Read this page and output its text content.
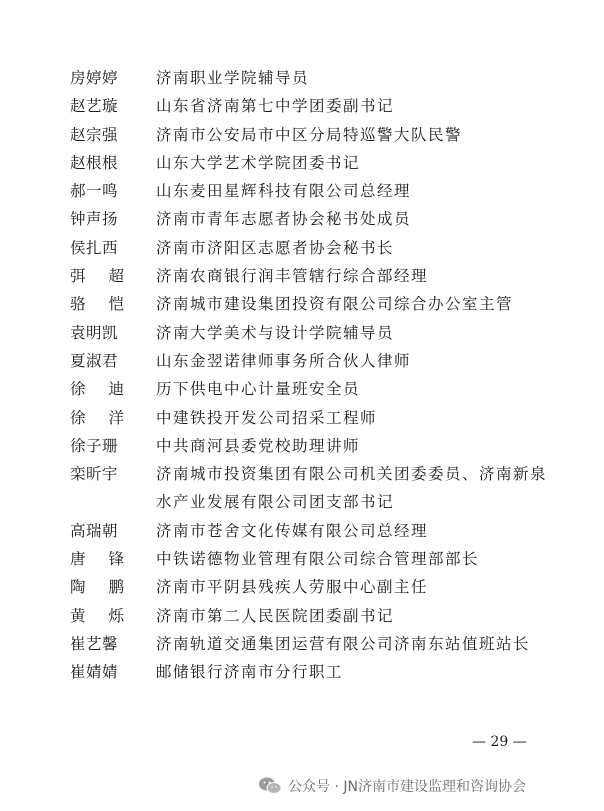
房婷婷	济南职业学院辅导员
赵艺璇	山东省济南第七中学团委副书记
赵宗强	济南市公安局市中区分局特巡警大队民警
赵根根	山东大学艺术学院团委书记
郝一鸣	山东麦田星辉科技有限公司总经理
钟声扬	济南市青年志愿者协会秘书处成员
侯扎西	济南市济阳区志愿者协会秘书长
弭超 济南农商银行润丰管辖行综合部经理
骆恺 济南城市建设集团投资有限公司综合办公室主管
袁明凯	济南大学美术与设计学院辅导员
夏淑君	山东金翌诺律师事务所合伙人律师
徐迪 历下供电中心计量班安全员
徐洋 中建铁投开发公司招采工程师
徐子珊	中共商河县委党校助理讲师
栾昕宇	济南城市投资集团有限公司机关团委委员、济南新泉水产业发展有限公司团支部书记
高瑞朝	济南市苍舍文化传媒有限公司总经理
唐锋 中铁诺德物业管理有限公司综合管理部部长
陶鹏 济南市平阴县残疾人劳服中心副主任
黄烁 济南市第二人民医院团委副书记
崔艺馨	济南轨道交通集团运营有限公司济南东站值班站长
崔婧婧	邮储银行济南市分行职工
— 29 —
公众号 · JN济南市建设监理和咨询协会
